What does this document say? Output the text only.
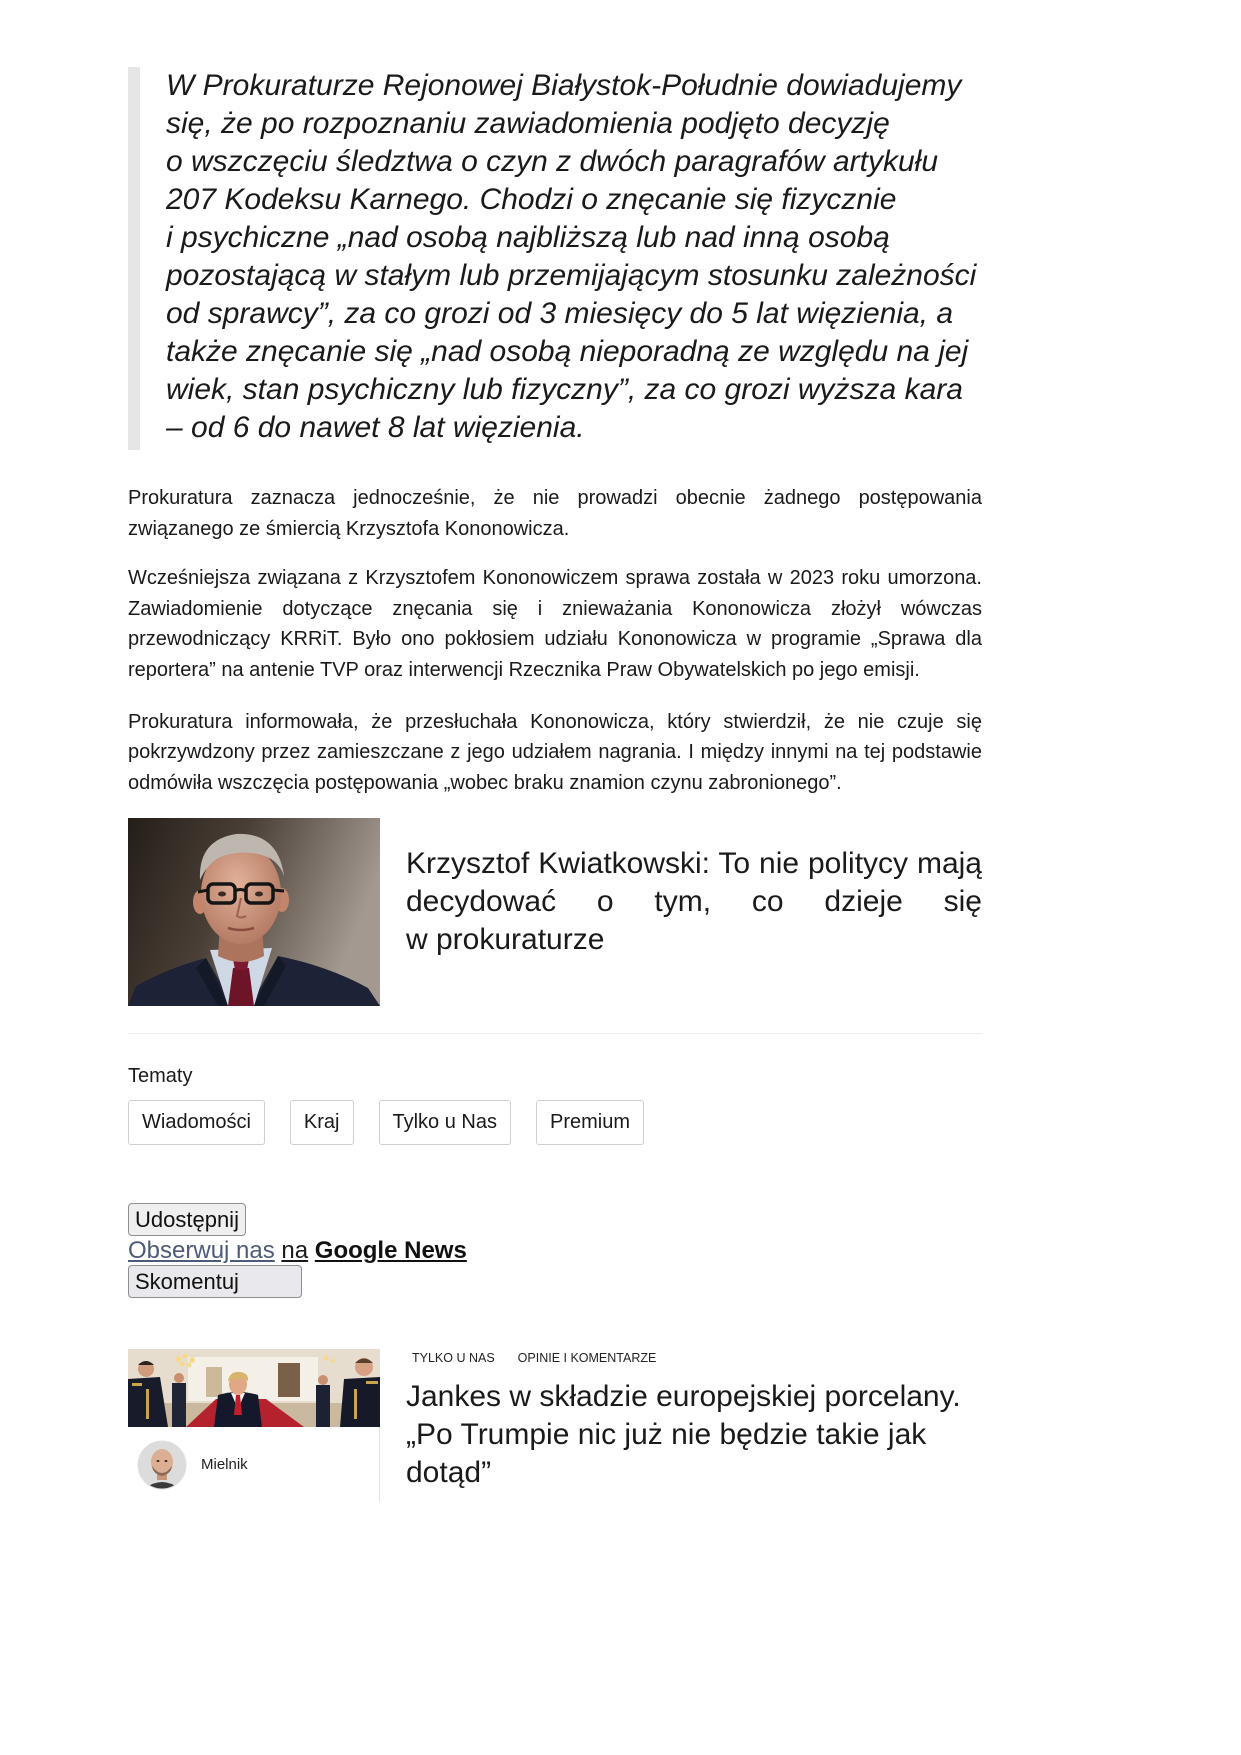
W Prokuraturze Rejonowej Białystok-Południe dowiadujemy się, że po rozpoznaniu zawiadomienia podjęto decyzję o wszczęciu śledztwa o czyn z dwóch paragrafów artykułu 207 Kodeksu Karnego. Chodzi o znęcanie się fizycznie i psychiczne „nad osobą najbliższą lub nad inną osobą pozostającą w stałym lub przemijającym stosunku zależności od sprawcy”, za co grozi od 3 miesięcy do 5 lat więzienia, a także znęcanie się „nad osobą nieporadną ze względu na jej wiek, stan psychiczny lub fizyczny”, za co grozi wyższa kara – od 6 do nawet 8 lat więzienia.

Prokuratura zaznacza jednocześnie, że nie prowadzi obecnie żadnego postępowania związanego ze śmiercią Krzysztofa Kononowicza.

Wcześniejsza związana z Krzysztofem Kononowiczem sprawa została w 2023 roku umorzona. Zawiadomienie dotyczące znęcania się i znieważania Kononowicza złożył wówczas przewodniczący KRRiT. Było ono pokłosiem udziału Kononowicza w programie „Sprawa dla reportera” na antenie TVP oraz interwencji Rzecznika Praw Obywatelskich po jego emisji.

Prokuratura informowała, że przesłuchała Kononowicza, który stwierdził, że nie czuje się pokrzywdzony przez zamieszczane z jego udziałem nagrania. I między innymi na tej podstawie odmówiła wszczęcia postępowania „wobec braku znamion czynu zabronionego”.

Krzysztof Kwiatkowski: To nie politycy mają decydować o tym, co dzieje się w prokuraturze
Tematy
Wiadomości	Kraj	Tylko u Nas	Premium
Udostępnij
Obserwuj nas na Google News
Skomentuj
Mielnik
TYLKO U NAS	OPINIE I KOMENTARZE
Jankes w składzie europejskiej porcelany. „Po Trumpie nic już nie będzie takie jak dotąd”
